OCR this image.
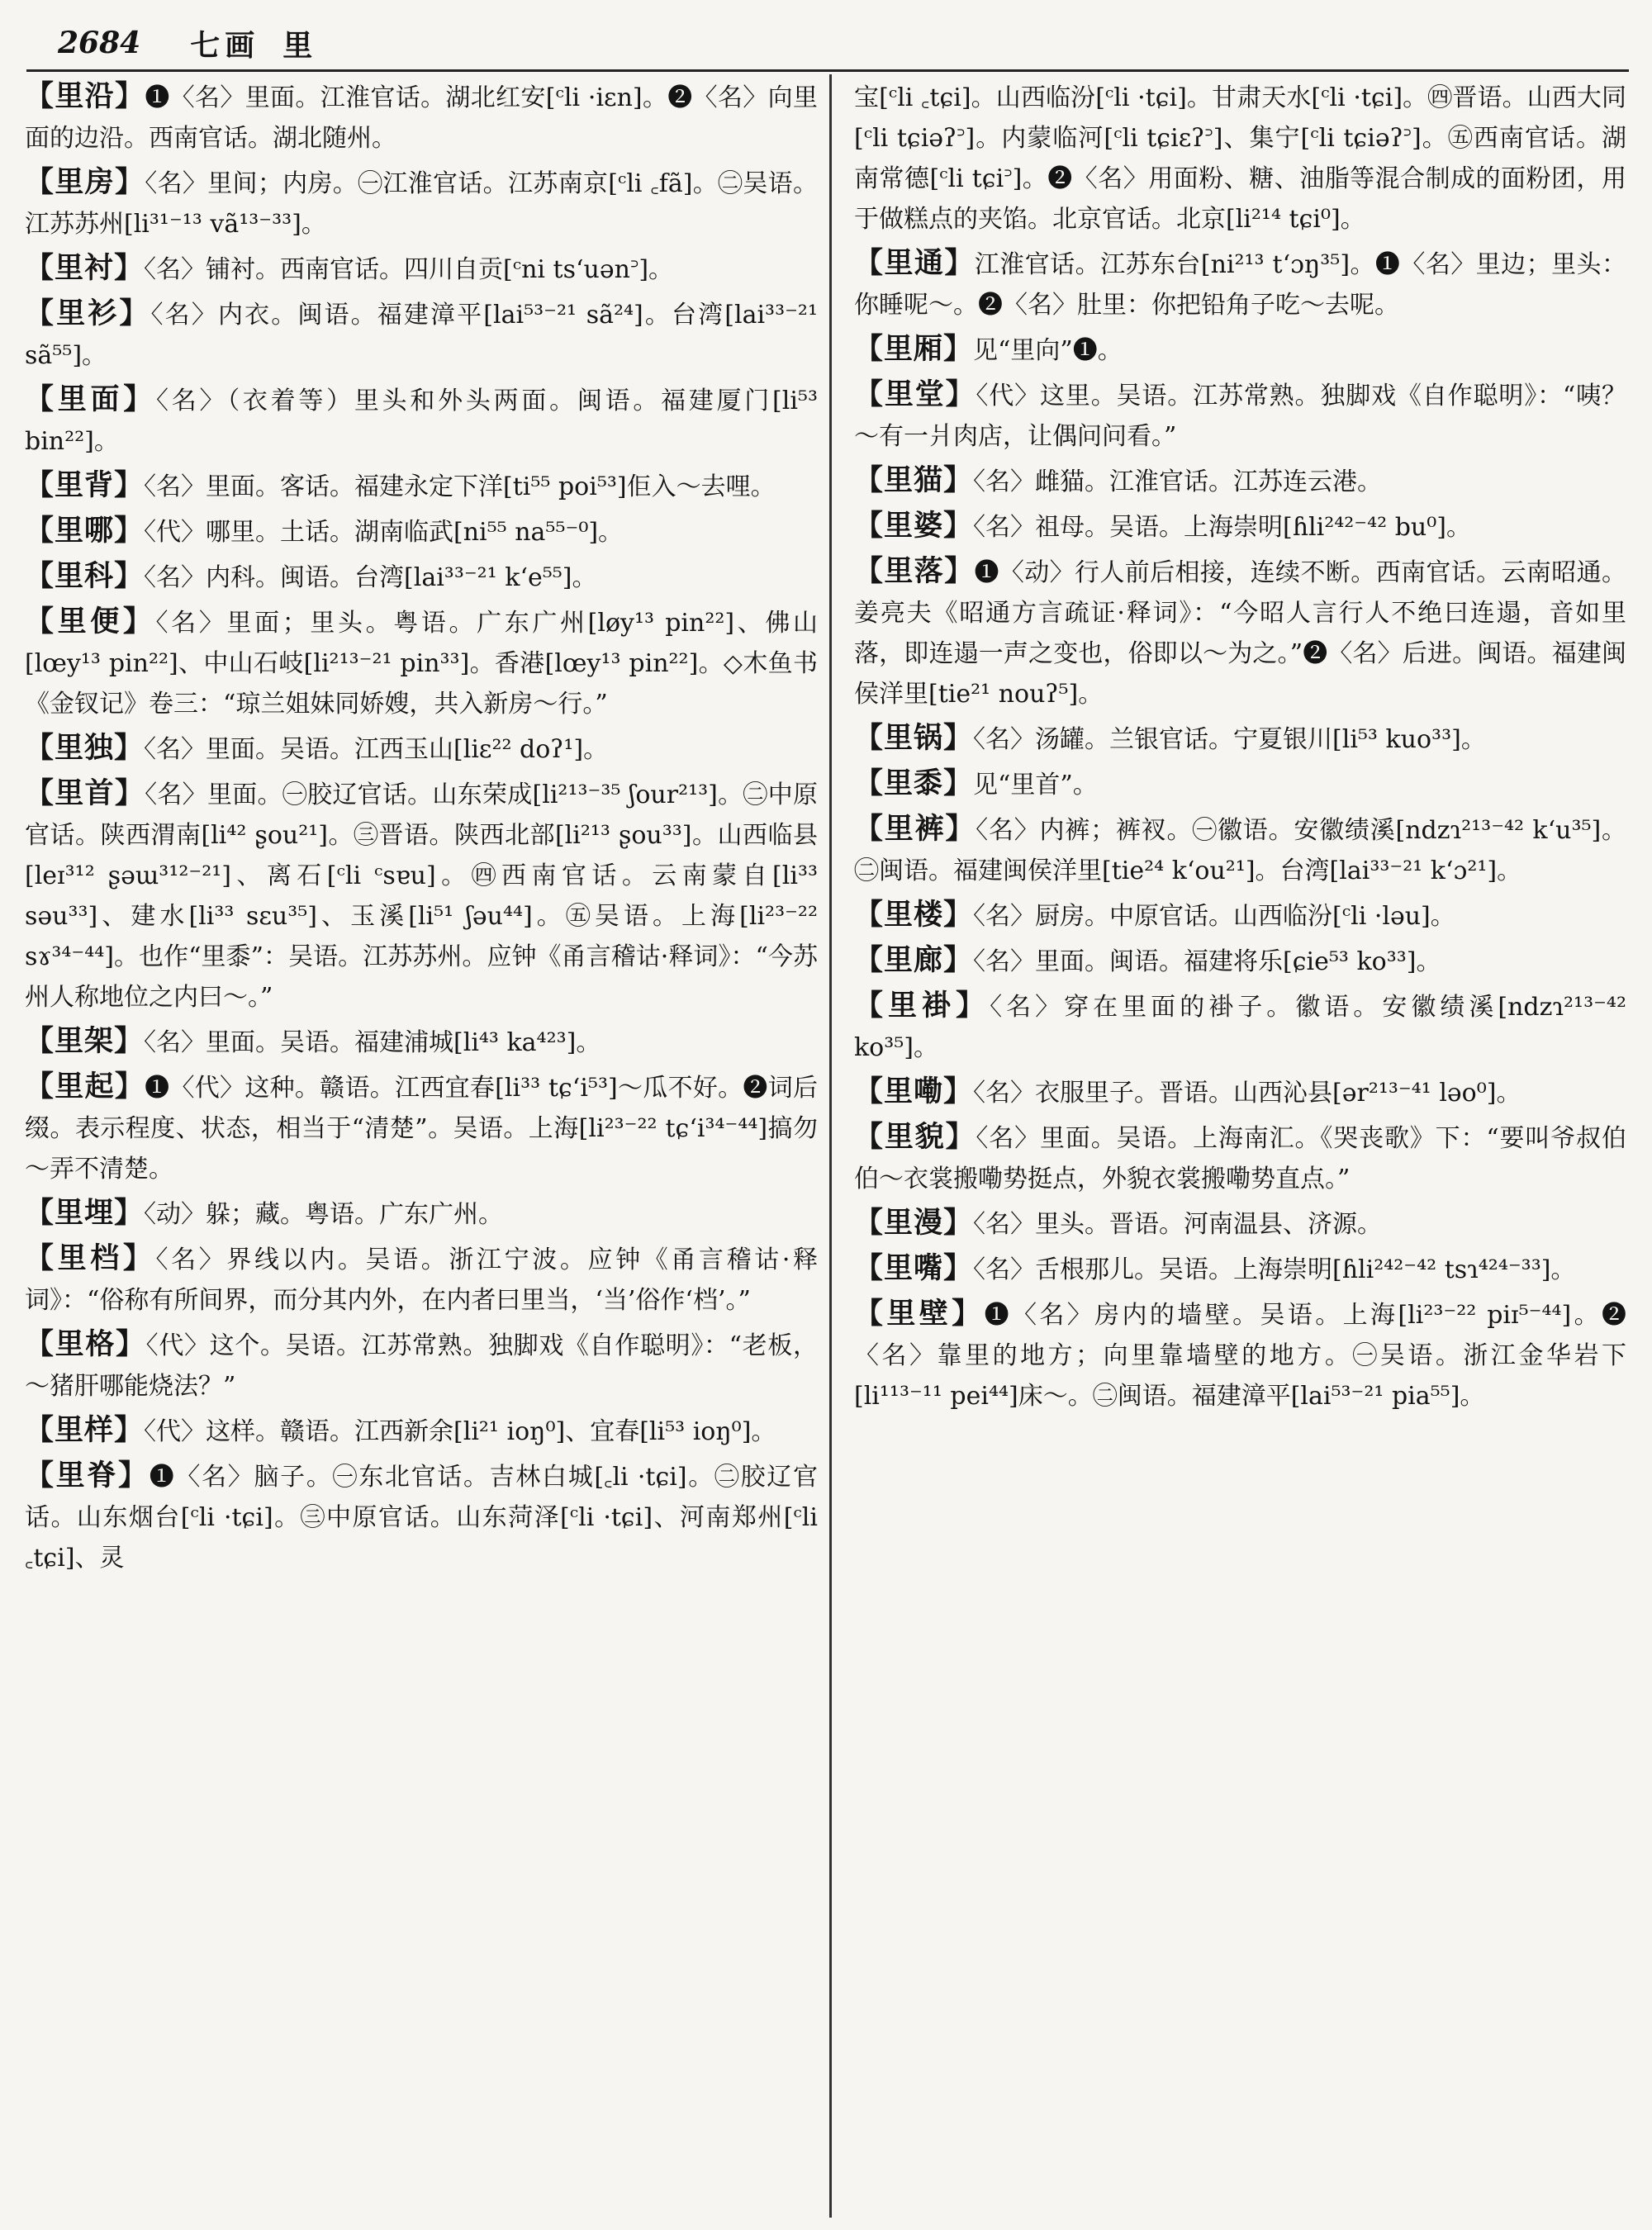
2684 七画 里

【里沿】❶〈名〉里面。江淮官话。湖北红安[ᶜli ·iɛn]。❷〈名〉向里面的边沿。西南官话。湖北随州。

【里房】〈名〉里间；内房。㊀江淮官话。江苏南京[ᶜli ꜀fã]。㊁吴语。江苏苏州[li³¹⁻¹³ vã¹³⁻³³]。

【里衬】〈名〉铺衬。西南官话。四川自贡[ᶜni tsʻuən꜄]。

【里衫】〈名〉内衣。闽语。福建漳平[lai⁵³⁻²¹ sã²⁴]。台湾[lai³³⁻²¹ sã⁵⁵]。

【里面】〈名〉（衣着等）里头和外头两面。闽语。福建厦门[li⁵³ bin²²]。

【里背】〈名〉里面。客话。福建永定下洋[ti⁵⁵ poi⁵³]佢入～去哩。

【里哪】〈代〉哪里。土话。湖南临武[ni⁵⁵ na⁵⁵⁻⁰]。

【里科】〈名〉内科。闽语。台湾[lai³³⁻²¹ kʻe⁵⁵]。

【里便】〈名〉里面；里头。粤语。广东广州[løy¹³ pin²²]、佛山[lœy¹³ pin²²]、中山石岐[li²¹³⁻²¹ pin³³]。香港[lœy¹³ pin²²]。◇木鱼书《金钗记》卷三：“琼兰姐妹同娇嫂，共入新房～行。”

【里独】〈名〉里面。吴语。江西玉山[liɛ²² doʔ¹]。

【里首】〈名〉里面。㊀胶辽官话。山东荣成[li²¹³⁻³⁵ ʃour²¹³]。㊁中原官话。陕西渭南[li⁴² ʂou²¹]。㊂晋语。陕西北部[li²¹³ ʂou³³]。山西临县[leɪ³¹² ʂəɯ³¹²⁻²¹]、离石[ᶜli ᶜsɐu]。㊃西南官话。云南蒙自[li³³ səu³³]、建水[li³³ sɛu³⁵]、玉溪[li⁵¹ ʃəu⁴⁴]。㊄吴语。上海[li²³⁻²² sɤ³⁴⁻⁴⁴]。也作“里黍”：吴语。江苏苏州。应钟《甬言稽诂·释词》：“今苏州人称地位之内曰～。”

【里架】〈名〉里面。吴语。福建浦城[li⁴³ ka⁴²³]。

【里起】❶〈代〉这种。赣语。江西宜春[li³³ tɕʻi⁵³]～瓜不好。❷词后缀。表示程度、状态，相当于“清楚”。吴语。上海[li²³⁻²² tɕʻi³⁴⁻⁴⁴]搞勿～弄不清楚。

【里埋】〈动〉躲；藏。粤语。广东广州。

【里档】〈名〉界线以内。吴语。浙江宁波。应钟《甬言稽诂·释词》：“俗称有所间界，而分其内外，在内者曰里当，‘当’俗作‘档’。”

【里格】〈代〉这个。吴语。江苏常熟。独脚戏《自作聪明》：“老板，～猪肝哪能烧法？”

【里样】〈代〉这样。赣语。江西新余[li²¹ ioŋ⁰]、宜春[li⁵³ ioŋ⁰]。

【里脊】❶〈名〉脑子。㊀东北官话。吉林白城[꜀li ·tɕi]。㊁胶辽官话。山东烟台[ᶜli ·tɕi]。㊂中原官话。山东菏泽[ᶜli ·tɕi]、河南郑州[ᶜli ꜀tɕi]、灵

宝[ᶜli ꜀tɕi]。山西临汾[ᶜli ·tɕi]。甘肃天水[ᶜli ·tɕi]。㊃晋语。山西大同[ᶜli tɕiəʔ꜄]。内蒙临河[ᶜli tɕiɛʔ꜄]、集宁[ᶜli tɕiəʔ꜄]。㊄西南官话。湖南常德[ᶜli tɕi꜄]。❷〈名〉用面粉、糖、油脂等混合制成的面粉团，用于做糕点的夹馅。北京官话。北京[li²¹⁴ tɕi⁰]。

【里通】江淮官话。江苏东台[ni²¹³ tʻɔŋ³⁵]。❶〈名〉里边；里头：你睡呢～。❷〈名〉肚里：你把铅角子吃～去呢。

【里厢】见“里向”❶。

【里堂】〈代〉这里。吴语。江苏常熟。独脚戏《自作聪明》：“咦？～有一爿肉店，让偶问问看。”

【里猫】〈名〉雌猫。江淮官话。江苏连云港。

【里婆】〈名〉祖母。吴语。上海崇明[ɦli²⁴²⁻⁴² bu⁰]。

【里落】❶〈动〉行人前后相接，连续不断。西南官话。云南昭通。姜亮夫《昭通方言疏证·释词》：“今昭人言行人不绝曰连遢，音如里落，即连遢一声之变也，俗即以～为之。”❷〈名〉后进。闽语。福建闽侯洋里[tie²¹ nouʔ⁵]。

【里锅】〈名〉汤罐。兰银官话。宁夏银川[li⁵³ kuo³³]。

【里黍】见“里首”。

【里裤】〈名〉内裤；裤衩。㊀徽语。安徽绩溪[ndzɿ²¹³⁻⁴² kʻu³⁵]。㊁闽语。福建闽侯洋里[tie²⁴ kʻou²¹]。台湾[lai³³⁻²¹ kʻɔ²¹]。

【里楼】〈名〉厨房。中原官话。山西临汾[ᶜli ·ləu]。

【里廊】〈名〉里面。闽语。福建将乐[ɕie⁵³ ko³³]。

【里褂】〈名〉穿在里面的褂子。徽语。安徽绩溪[ndzɿ²¹³⁻⁴² ko³⁵]。

【里嘞】〈名〉衣服里子。晋语。山西沁县[ər²¹³⁻⁴¹ ləo⁰]。

【里貌】〈名〉里面。吴语。上海南汇。《哭丧歌》下：“要叫爷叔伯伯～衣裳搬嘞势挺点，外貌衣裳搬嘞势直点。”

【里漫】〈名〉里头。晋语。河南温县、济源。

【里嘴】〈名〉舌根那儿。吴语。上海崇明[ɦli²⁴²⁻⁴² tsɿ⁴²⁴⁻³³]。

【里壁】❶〈名〉房内的墙壁。吴语。上海[li²³⁻²² piɪ⁵⁻⁴⁴]。❷〈名〉靠里的地方；向里靠墙壁的地方。㊀吴语。浙江金华岩下[li¹¹³⁻¹¹ pei⁴⁴]床～。㊁闽语。福建漳平[lai⁵³⁻²¹ pia⁵⁵]。
